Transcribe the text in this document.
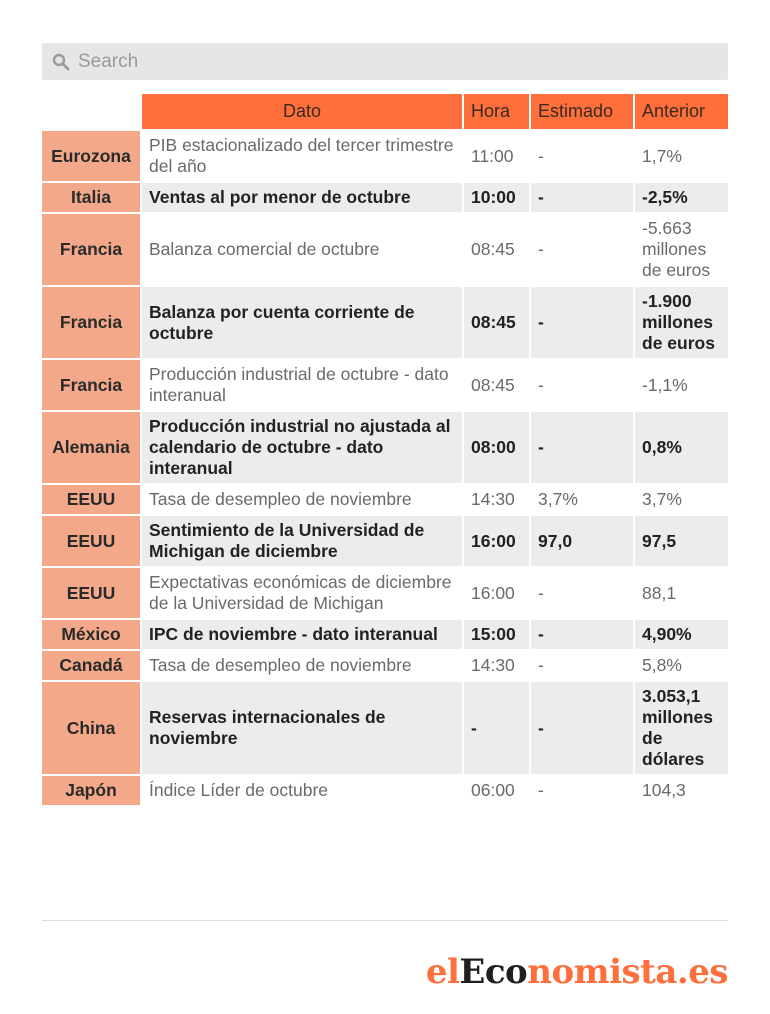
Search
	Dato	Hora	Estimado	Anterior
Eurozona	PIB estacionalizado del tercer trimestre del año	11:00	-	1,7%
Italia	Ventas al por menor de octubre	10:00	-	-2,5%
Francia	Balanza comercial de octubre	08:45	-	-5.663 millones de euros
Francia	Balanza por cuenta corriente de octubre	08:45	-	-1.900 millones de euros
Francia	Producción industrial de octubre - dato interanual	08:45	-	-1,1%
Alemania	Producción industrial no ajustada al calendario de octubre - dato interanual	08:00	-	0,8%
EEUU	Tasa de desempleo de noviembre	14:30	3,7%	3,7%
EEUU	Sentimiento de la Universidad de Michigan de diciembre	16:00	97,0	97,5
EEUU	Expectativas económicas de diciembre de la Universidad de Michigan	16:00	-	88,1
México	IPC de noviembre - dato interanual	15:00	-	4,90%
Canadá	Tasa de desempleo de noviembre	14:30	-	5,8%
China	Reservas internacionales de noviembre	-	-	3.053,1 millones de dólares
Japón	Índice Líder de octubre	06:00	-	104,3
elEconomista.es
